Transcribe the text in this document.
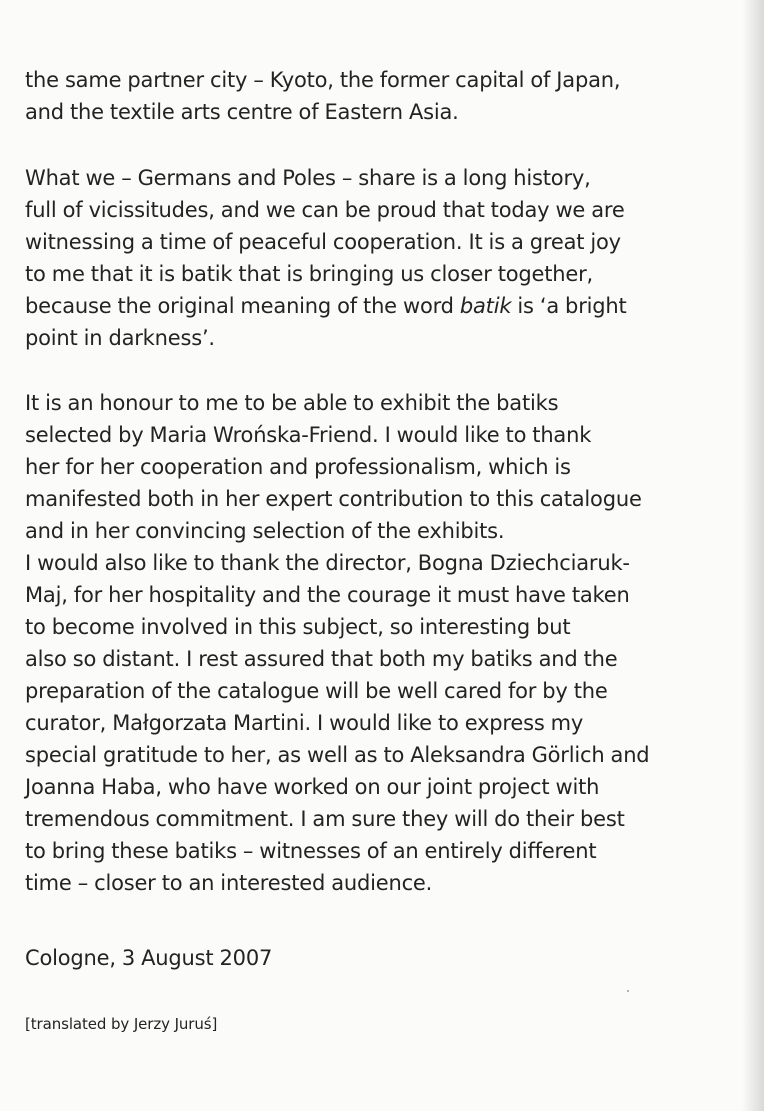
the same partner city – Kyoto, the former capital of Japan,
and the textile arts centre of Eastern Asia.
What we – Germans and Poles – share is a long history,
full of vicissitudes, and we can be proud that today we are
witnessing a time of peaceful cooperation. It is a great joy
to me that it is batik that is bringing us closer together,
because the original meaning of the word batik is ‘a bright
point in darkness’.
It is an honour to me to be able to exhibit the batiks
selected by Maria Wrońska-Friend. I would like to thank
her for her cooperation and professionalism, which is
manifested both in her expert contribution to this catalogue
and in her convincing selection of the exhibits.
I would also like to thank the director, Bogna Dziechciaruk-
Maj, for her hospitality and the courage it must have taken
to become involved in this subject, so interesting but
also so distant. I rest assured that both my batiks and the
preparation of the catalogue will be well cared for by the
curator, Małgorzata Martini. I would like to express my
special gratitude to her, as well as to Aleksandra Görlich and
Joanna Haba, who have worked on our joint project with
tremendous commitment. I am sure they will do their best
to bring these batiks – witnesses of an entirely different
time – closer to an interested audience.
Cologne, 3 August 2007
[translated by Jerzy Juruś]
